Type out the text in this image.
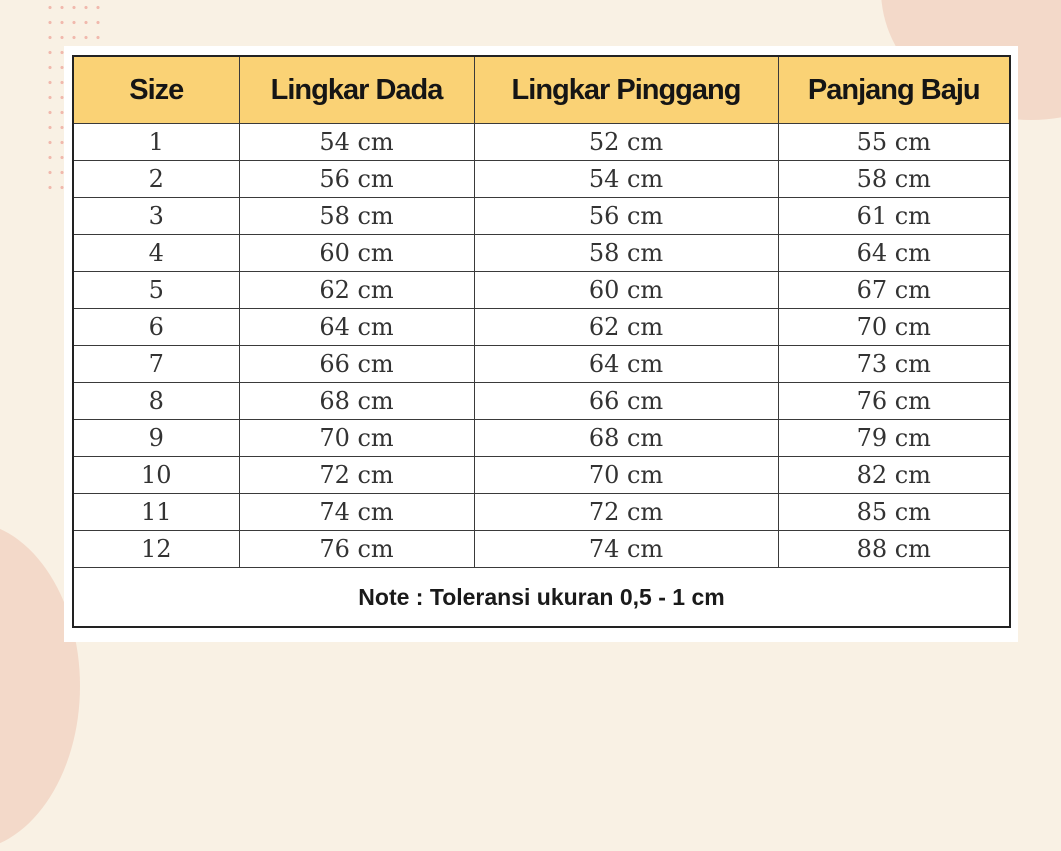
Size	Lingkar Dada	Lingkar Pinggang	Panjang Baju
1	54 cm	52 cm	55 cm
2	56 cm	54 cm	58 cm
3	58 cm	56 cm	61 cm
4	60 cm	58 cm	64 cm
5	62 cm	60 cm	67 cm
6	64 cm	62 cm	70 cm
7	66 cm	64 cm	73 cm
8	68 cm	66 cm	76 cm
9	70 cm	68 cm	79 cm
10	72 cm	70 cm	82 cm
11	74 cm	72 cm	85 cm
12	76 cm	74 cm	88 cm
Note : Toleransi ukuran 0,5 - 1 cm			
